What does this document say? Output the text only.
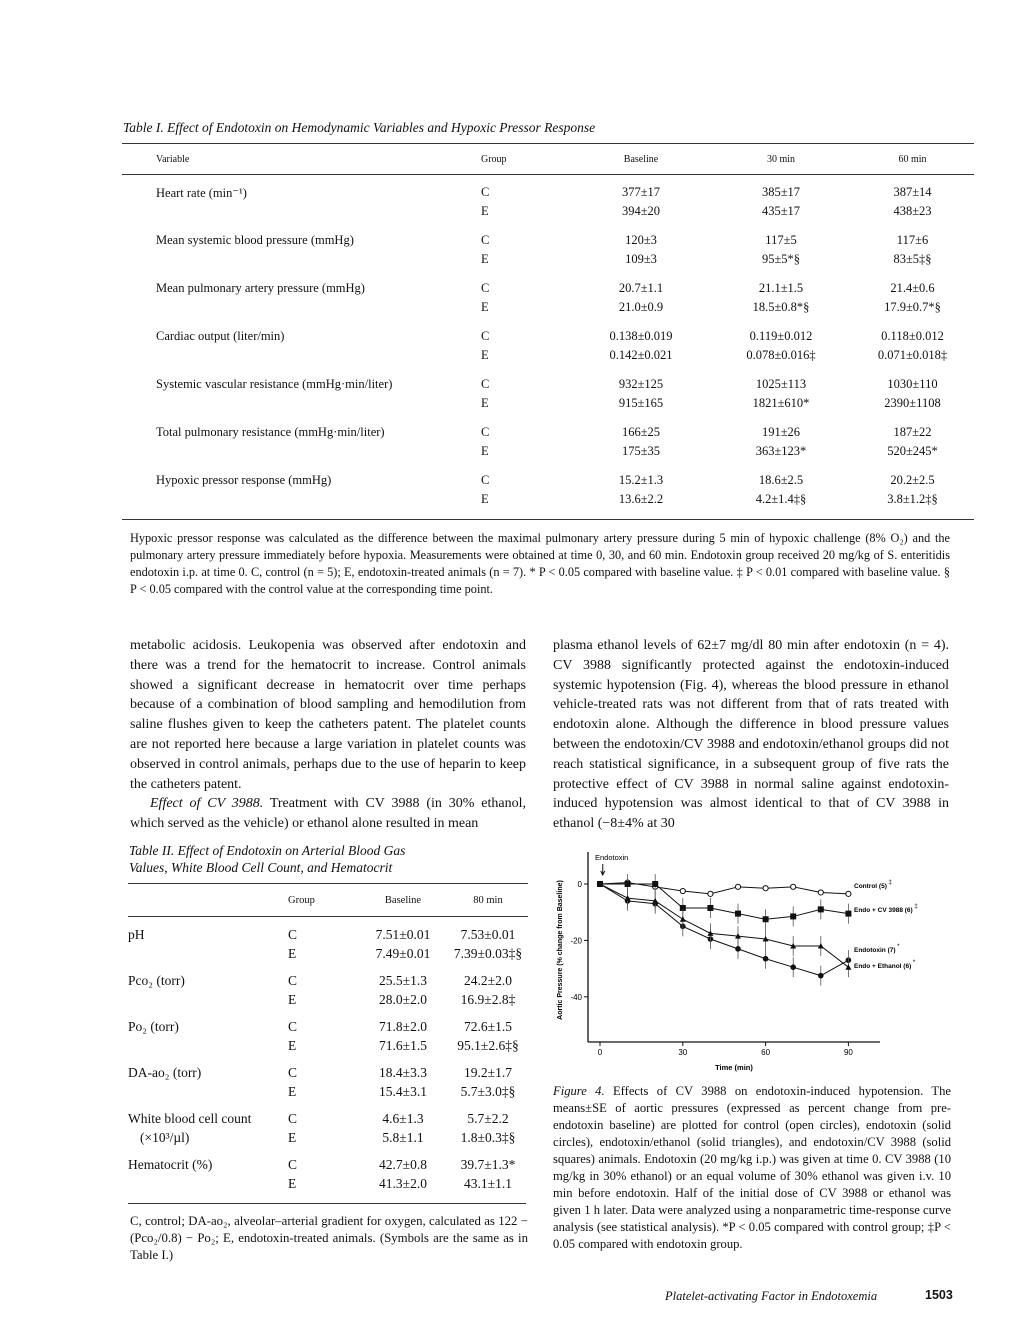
Table I. Effect of Endotoxin on Hemodynamic Variables and Hypoxic Pressor Response
Variable	Group	Baseline	30 min	60 min

Heart rate (min⁻¹)	C	377±17	385±17	387±14
	E	394±20	435±17	438±23

Mean systemic blood pressure (mmHg)	C	120±3	117±5	117±6
	E	109±3	95±5*§	83±5‡§

Mean pulmonary artery pressure (mmHg)	C	20.7±1.1	21.1±1.5	21.4±0.6
	E	21.0±0.9	18.5±0.8*§	17.9±0.7*§

Cardiac output (liter/min)	C	0.138±0.019	0.119±0.012	0.118±0.012
	E	0.142±0.021	0.078±0.016‡	0.071±0.018‡

Systemic vascular resistance (mmHg·min/liter)	C	932±125	1025±113	1030±110
	E	915±165	1821±610*	2390±1108

Total pulmonary resistance (mmHg·min/liter)	C	166±25	191±26	187±22
	E	175±35	363±123*	520±245*

Hypoxic pressor response (mmHg)	C	15.2±1.3	18.6±2.5	20.2±2.5
	E	13.6±2.2	4.2±1.4‡§	3.8±1.2‡§

Hypoxic pressor response was calculated as the difference between the maximal pulmonary artery pressure during 5 min of hypoxic challenge (8% O₂) and the pulmonary artery pressure immediately before hypoxia. Measurements were obtained at time 0, 30, and 60 min. Endotoxin group received 20 mg/kg of S. enteritidis endotoxin i.p. at time 0. C, control (n = 5); E, endotoxin-treated animals (n = 7). * P < 0.05 compared with baseline value. ‡ P < 0.01 compared with baseline value. § P < 0.05 compared with the control value at the corresponding time point.
metabolic acidosis. Leukopenia was observed after endotoxin and there was a trend for the hematocrit to increase. Control animals showed a significant decrease in hematocrit over time perhaps because of a combination of blood sampling and hemodilution from saline flushes given to keep the catheters patent. The platelet counts are not reported here because a large variation in platelet counts was observed in control animals, perhaps due to the use of heparin to keep the catheters patent.
Effect of CV 3988. Treatment with CV 3988 (in 30% ethanol, which served as the vehicle) or ethanol alone resulted in mean
plasma ethanol levels of 62±7 mg/dl 80 min after endotoxin (n = 4). CV 3988 significantly protected against the endotoxin-induced systemic hypotension (Fig. 4), whereas the blood pressure in ethanol vehicle-treated rats was not different from that of rats treated with endotoxin alone. Although the difference in blood pressure values between the endotoxin/CV 3988 and endotoxin/ethanol groups did not reach statistical significance, in a subsequent group of five rats the protective effect of CV 3988 in normal saline against endotoxin-induced hypotension was almost identical to that of CV 3988 in ethanol (−8±4% at 30
Table II. Effect of Endotoxin on Arterial Blood Gas
Values, White Blood Cell Count, and Hematocrit
	Group	Baseline	80 min

pH	C	7.51±0.01	7.53±0.01
	E	7.49±0.01	7.39±0.03‡§

Pco₂ (torr)	C	25.5±1.3	24.2±2.0
	E	28.0±2.0	16.9±2.8‡

Po₂ (torr)	C	71.8±2.0	72.6±1.5
	E	71.6±1.5	95.1±2.6‡§

DA-ao₂ (torr)	C	18.4±3.3	19.2±1.7
	E	15.4±3.1	5.7±3.0‡§

White blood cell count	C	4.6±1.3	5.7±2.2
(×10³/µl)	E	5.8±1.1	1.8±0.3‡§

Hematocrit (%)	C	42.7±0.8	39.7±1.3*
	E	41.3±2.0	43.1±1.1

C, control; DA-ao₂, alveolar–arterial gradient for oxygen, calculated as 122 − (Pco₂/0.8) − Po₂; E, endotoxin-treated animals. (Symbols are the same as in Table I.)
0
-20
-40
0	30	60	90
Time (min)
Aortic Pressure (% change from Baseline)
Endotoxin
Control (5)
‡
Endo + CV 3988 (6)
‡
Endotoxin (7)
*
Endo + Ethanol (6)
*
Figure 4. Effects of CV 3988 on endotoxin-induced hypotension. The means±SE of aortic pressures (expressed as percent change from pre-endotoxin baseline) are plotted for control (open circles), endotoxin (solid circles), endotoxin/ethanol (solid triangles), and endotoxin/CV 3988 (solid squares) animals. Endotoxin (20 mg/kg i.p.) was given at time 0. CV 3988 (10 mg/kg in 30% ethanol) or an equal volume of 30% ethanol was given i.v. 10 min before endotoxin. Half of the initial dose of CV 3988 or ethanol was given 1 h later. Data were analyzed using a nonparametric time-response curve analysis (see statistical analysis). *P < 0.05 compared with control group; ‡P < 0.05 compared with endotoxin group.
Platelet-activating Factor in Endotoxemia	1503
